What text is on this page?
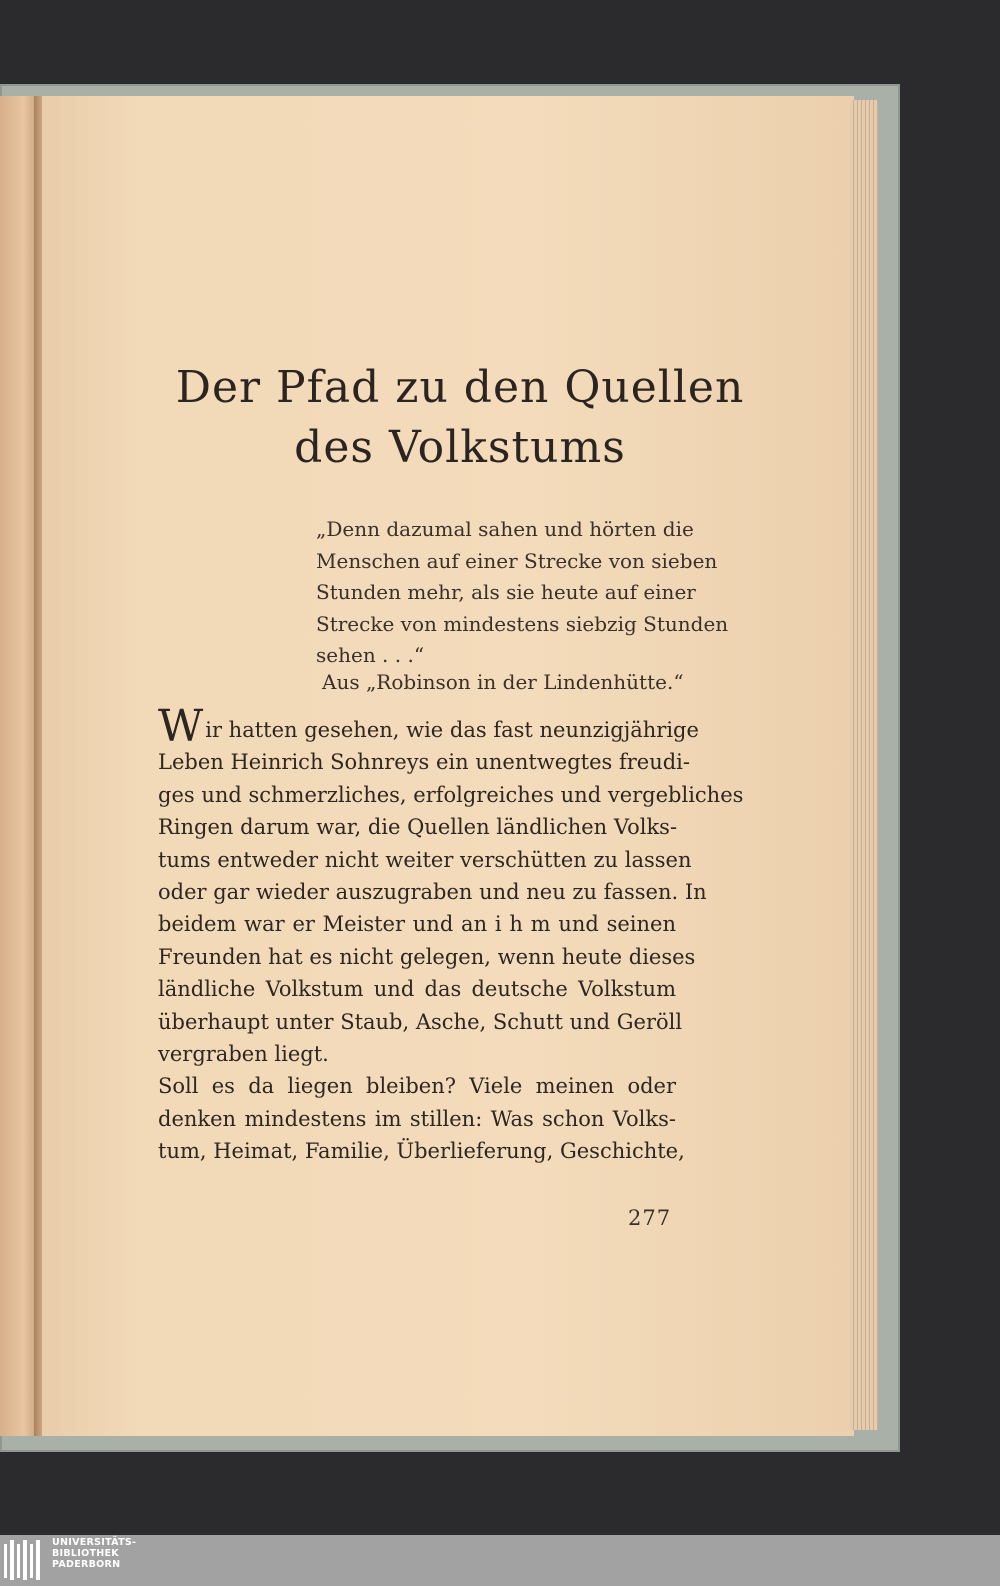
Der Pfad zu den Quellen
des Volkstums
„Denn dazumal sahen und hörten die
Menschen auf einer Strecke von sieben
Stunden mehr, als sie heute auf einer
Strecke von mindestens siebzig Stunden
sehen . . .“
Aus „Robinson in der Lindenhütte.“
Wir hatten gesehen, wie das fast neunzigjährige
Leben Heinrich Sohnreys ein unentwegtes freudi-
ges und schmerzliches, erfolgreiches und vergebliches
Ringen darum war, die Quellen ländlichen Volks-
tums entweder nicht weiter verschütten zu lassen
oder gar wieder auszugraben und neu zu fassen. In
beidem war er Meister und an i h m und seinen
Freunden hat es nicht gelegen, wenn heute dieses
ländliche Volkstum und das deutsche Volkstum
überhaupt unter Staub, Asche, Schutt und Geröll
vergraben liegt.
Soll es da liegen bleiben? Viele meinen oder
denken mindestens im stillen: Was schon Volks-
tum, Heimat, Familie, Überlieferung, Geschichte,
277
UNIVERSITÄTS-
BIBLIOTHEK
PADERBORN
